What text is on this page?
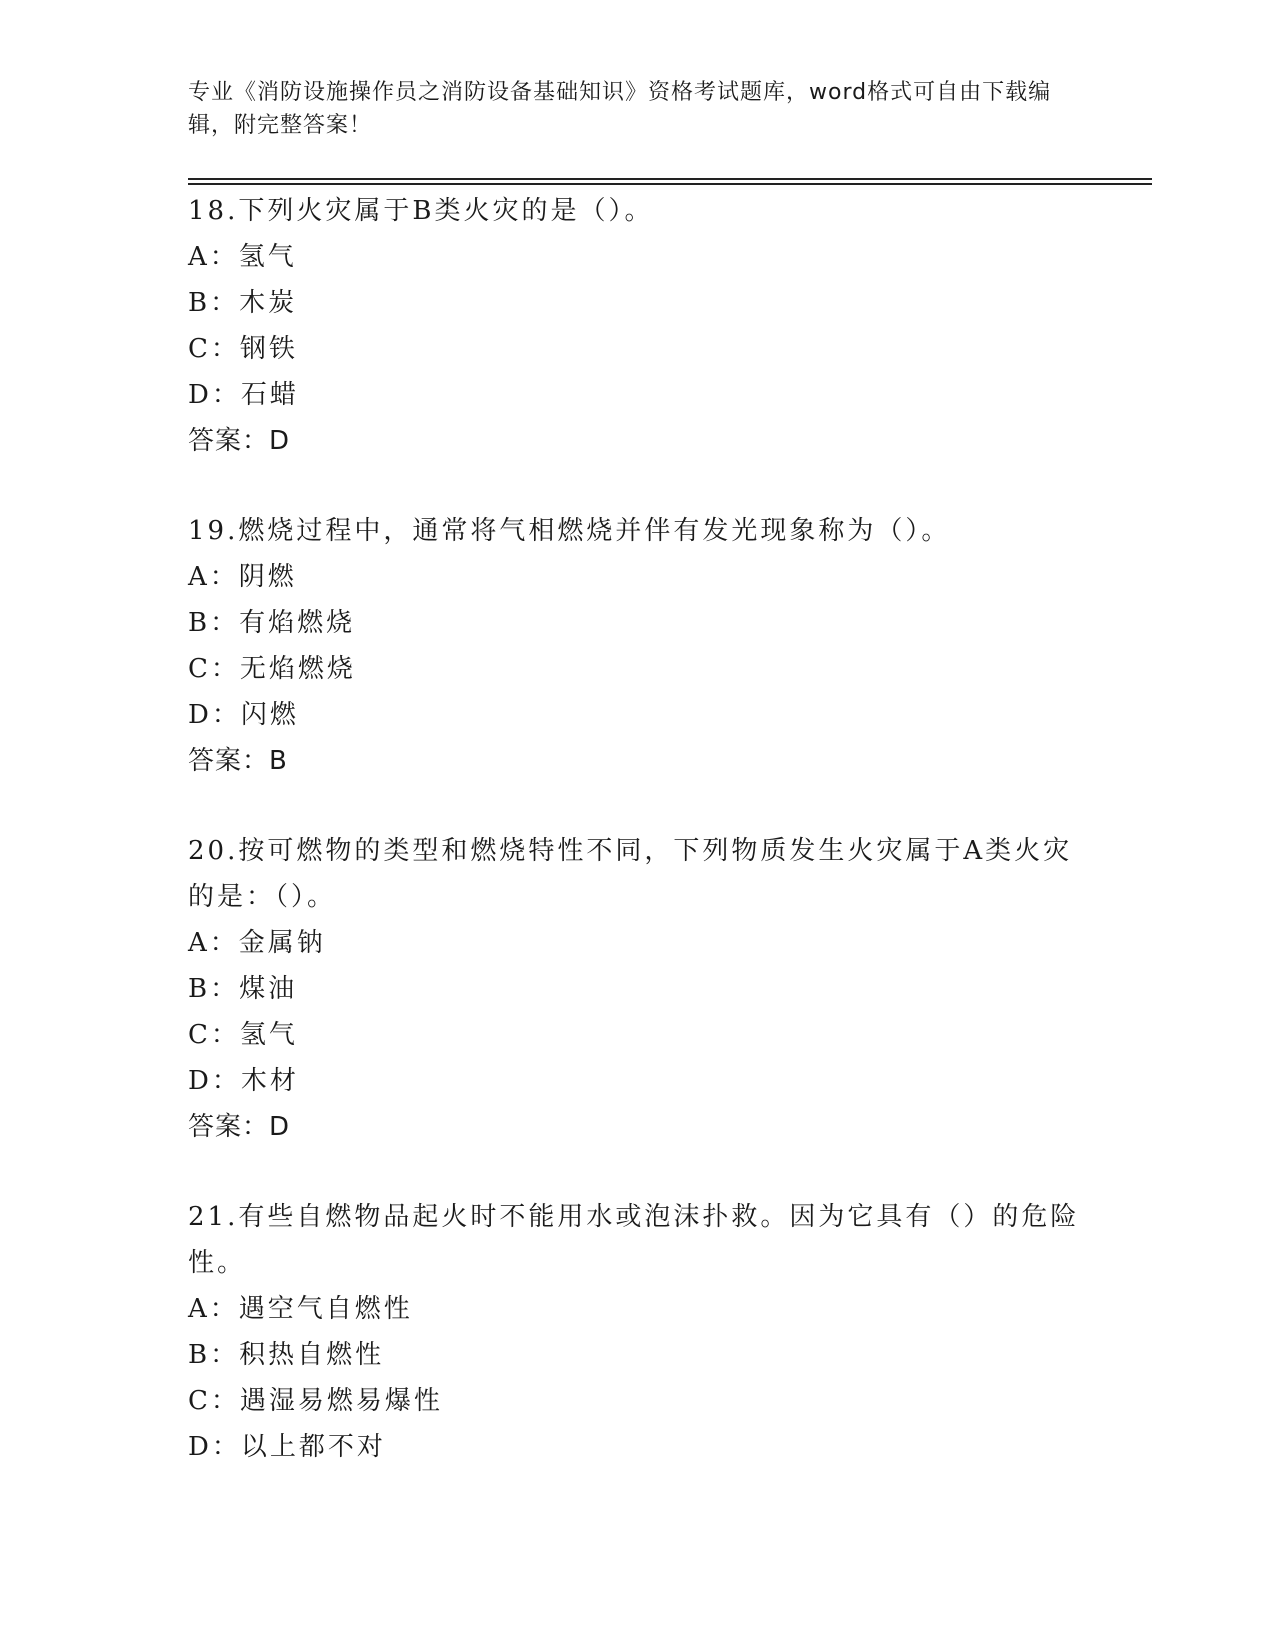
专业《消防设施操作员之消防设备基础知识》资格考试题库，word格式可自由下载编辑，附完整答案！

18.下列火灾属于B类火灾的是（）。

A：氢气

B：木炭

C：钢铁

D：石蜡

答案：D

19.燃烧过程中，通常将气相燃烧并伴有发光现象称为（）。

A：阴燃

B：有焰燃烧

C：无焰燃烧

D：闪燃

答案：B

20.按可燃物的类型和燃烧特性不同，下列物质发生火灾属于A类火灾的是：（）。

A：金属钠

B：煤油

C：氢气

D：木材

答案：D

21.有些自燃物品起火时不能用水或泡沫扑救。因为它具有（）的危险性。

A：遇空气自燃性

B：积热自燃性

C：遇湿易燃易爆性

D：以上都不对
